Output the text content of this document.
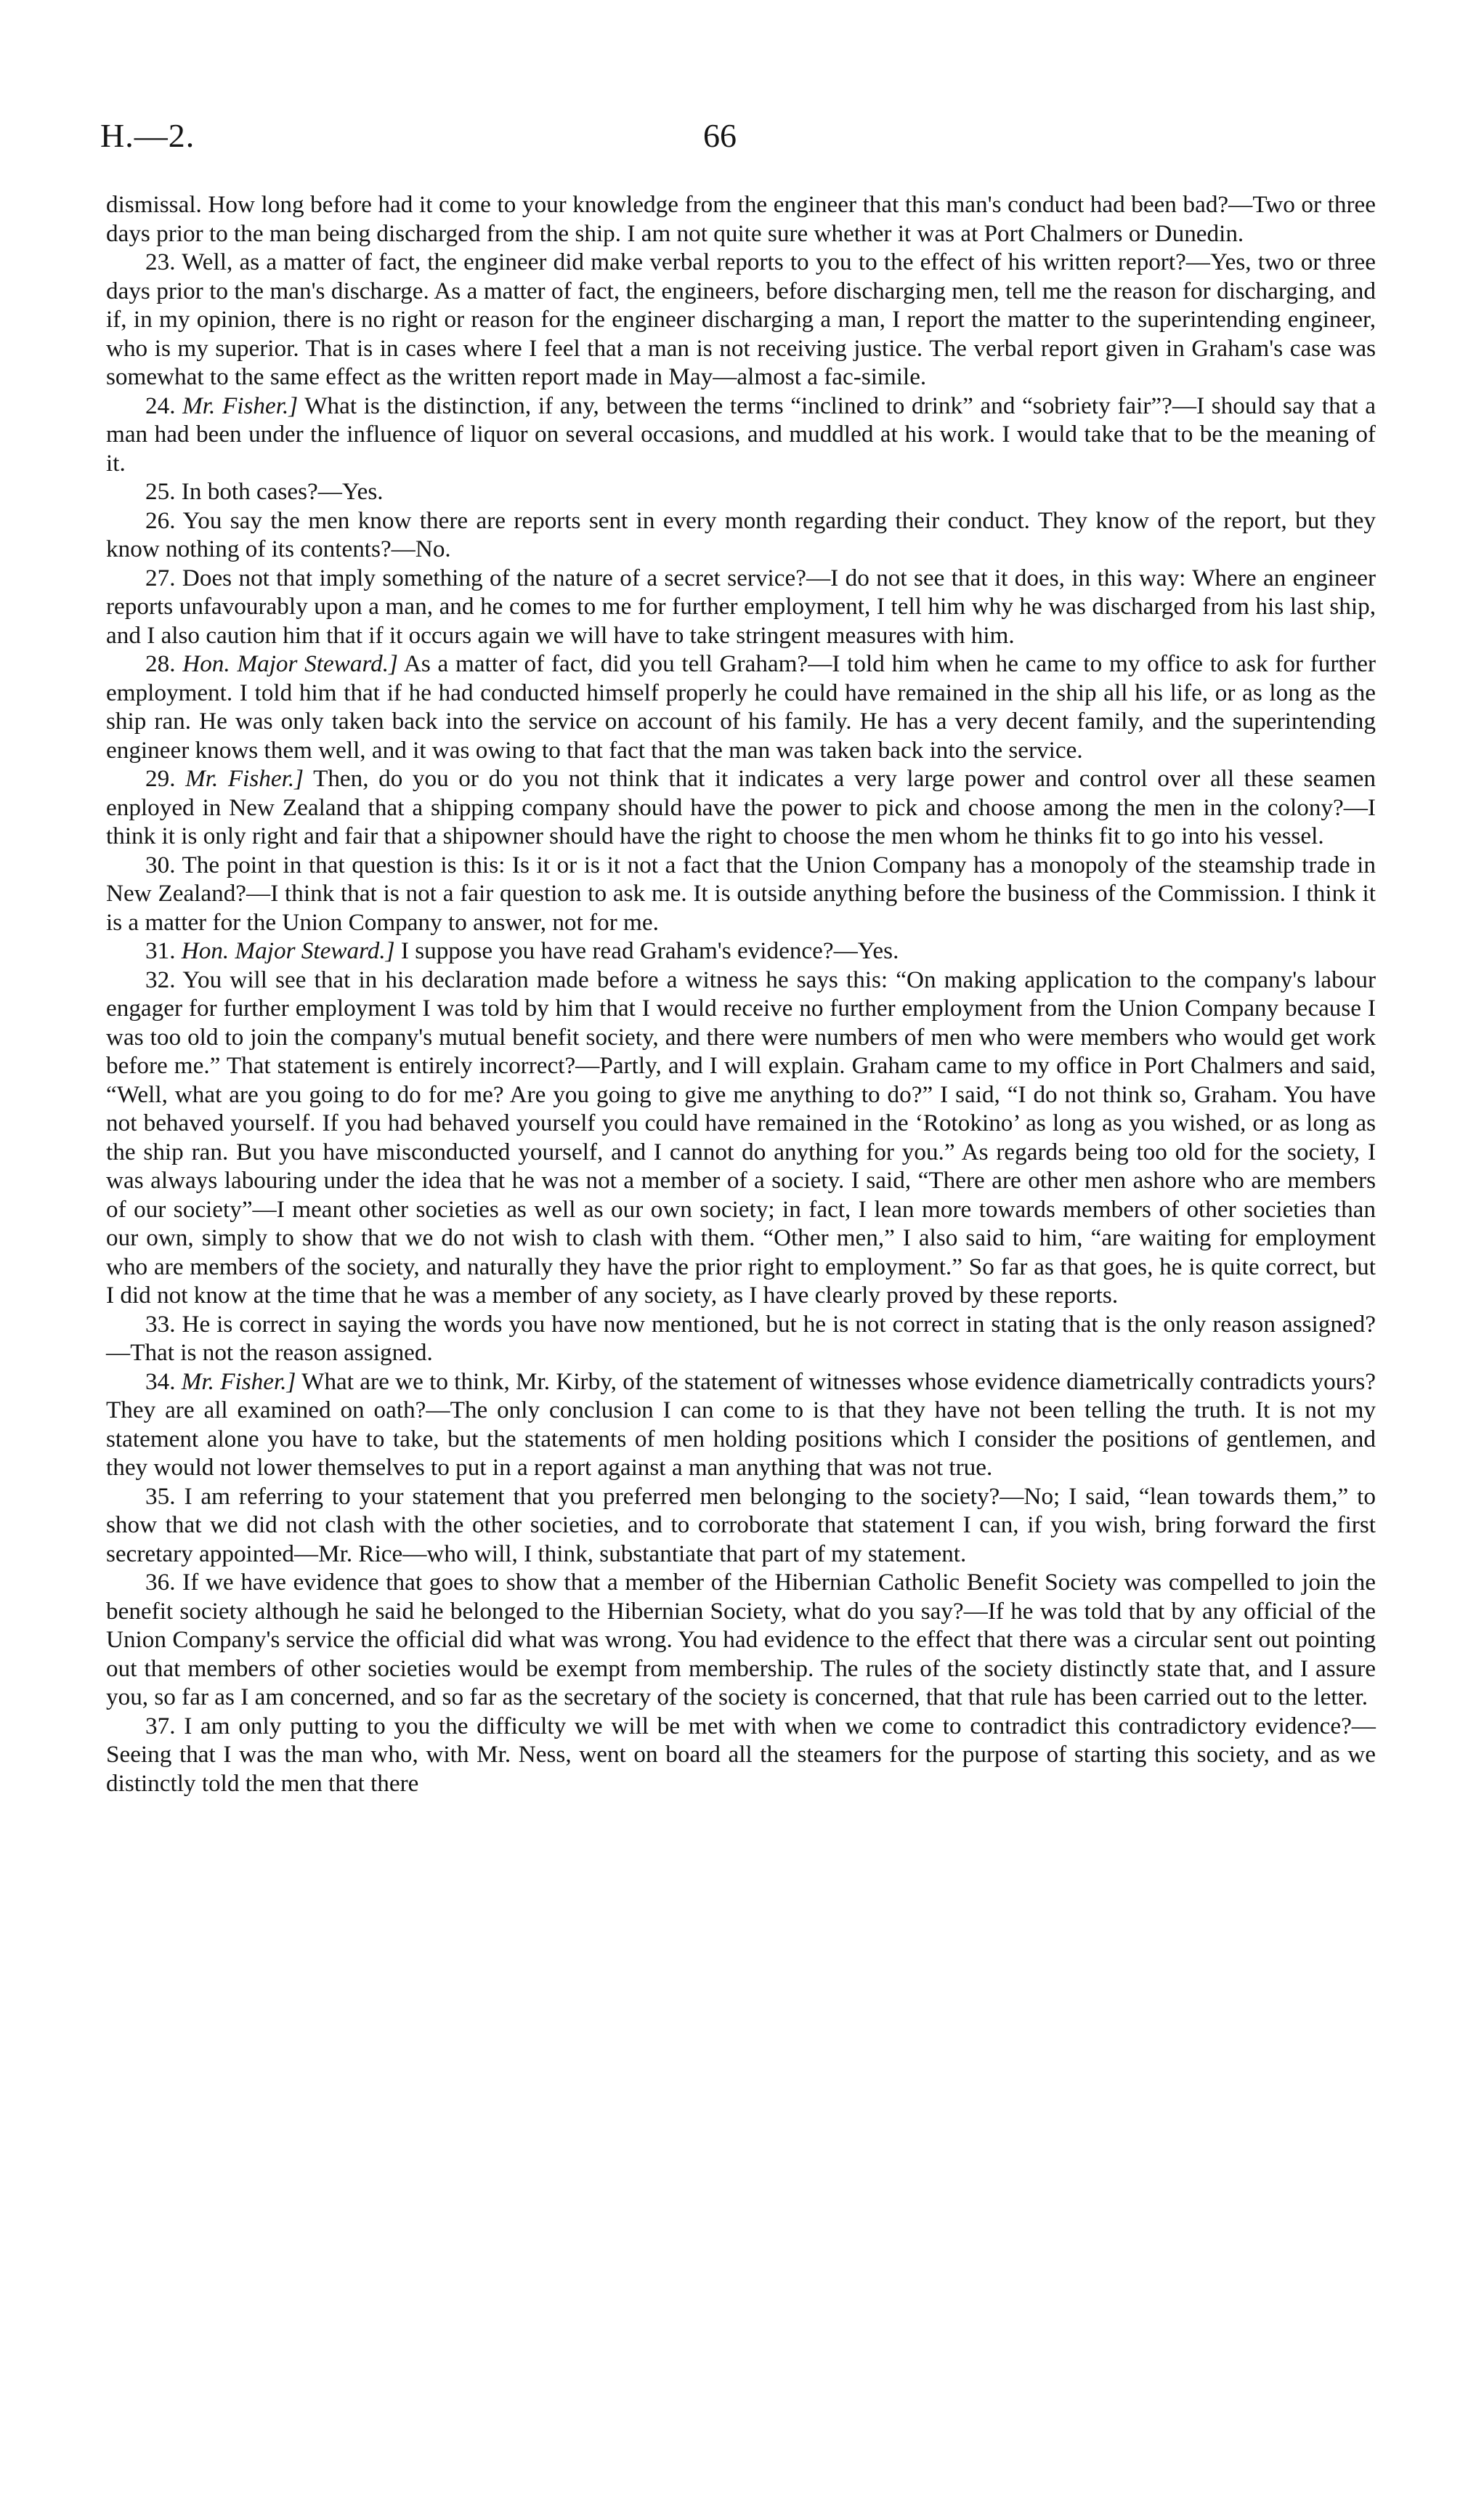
H.—2.	66

dismissal. How long before had it come to your knowledge from the engineer that this man's conduct had been bad?—Two or three days prior to the man being discharged from the ship. I am not quite sure whether it was at Port Chalmers or Dunedin.

23. Well, as a matter of fact, the engineer did make verbal reports to you to the effect of his written report?—Yes, two or three days prior to the man's discharge. As a matter of fact, the engineers, before discharging men, tell me the reason for discharging, and if, in my opinion, there is no right or reason for the engineer discharging a man, I report the matter to the superintending engineer, who is my superior. That is in cases where I feel that a man is not receiving justice. The verbal report given in Graham's case was somewhat to the same effect as the written report made in May—almost a fac-simile.

24. Mr. Fisher.] What is the distinction, if any, between the terms “inclined to drink” and “sobriety fair”?—I should say that a man had been under the influence of liquor on several occasions, and muddled at his work. I would take that to be the meaning of it.

25. In both cases?—Yes.

26. You say the men know there are reports sent in every month regarding their conduct. They know of the report, but they know nothing of its contents?—No.

27. Does not that imply something of the nature of a secret service?—I do not see that it does, in this way: Where an engineer reports unfavourably upon a man, and he comes to me for further employment, I tell him why he was discharged from his last ship, and I also caution him that if it occurs again we will have to take stringent measures with him.

28. Hon. Major Steward.] As a matter of fact, did you tell Graham?—I told him when he came to my office to ask for further employment. I told him that if he had conducted himself properly he could have remained in the ship all his life, or as long as the ship ran. He was only taken back into the service on account of his family. He has a very decent family, and the superintending engineer knows them well, and it was owing to that fact that the man was taken back into the service.

29. Mr. Fisher.] Then, do you or do you not think that it indicates a very large power and control over all these seamen enployed in New Zealand that a shipping company should have the power to pick and choose among the men in the colony?—I think it is only right and fair that a shipowner should have the right to choose the men whom he thinks fit to go into his vessel.

30. The point in that question is this: Is it or is it not a fact that the Union Company has a monopoly of the steamship trade in New Zealand?—I think that is not a fair question to ask me. It is outside anything before the business of the Commission. I think it is a matter for the Union Company to answer, not for me.

31. Hon. Major Steward.] I suppose you have read Graham's evidence?—Yes.

32. You will see that in his declaration made before a witness he says this: “On making application to the company's labour engager for further employment I was told by him that I would receive no further employment from the Union Company because I was too old to join the company's mutual benefit society, and there were numbers of men who were members who would get work before me.” That statement is entirely incorrect?—Partly, and I will explain. Graham came to my office in Port Chalmers and said, “Well, what are you going to do for me? Are you going to give me anything to do?” I said, “I do not think so, Graham. You have not behaved yourself. If you had behaved yourself you could have remained in the ‘Rotokino’ as long as you wished, or as long as the ship ran. But you have misconducted yourself, and I cannot do anything for you.” As regards being too old for the society, I was always labouring under the idea that he was not a member of a society. I said, “There are other men ashore who are members of our society”—I meant other societies as well as our own society; in fact, I lean more towards members of other societies than our own, simply to show that we do not wish to clash with them. “Other men,” I also said to him, “are waiting for employment who are members of the society, and naturally they have the prior right to employment.” So far as that goes, he is quite correct, but I did not know at the time that he was a member of any society, as I have clearly proved by these reports.

33. He is correct in saying the words you have now mentioned, but he is not correct in stating that is the only reason assigned?—That is not the reason assigned.

34. Mr. Fisher.] What are we to think, Mr. Kirby, of the statement of witnesses whose evidence diametrically contradicts yours? They are all examined on oath?—The only conclusion I can come to is that they have not been telling the truth. It is not my statement alone you have to take, but the statements of men holding positions which I consider the positions of gentlemen, and they would not lower themselves to put in a report against a man anything that was not true.

35. I am referring to your statement that you preferred men belonging to the society?—No; I said, “lean towards them,” to show that we did not clash with the other societies, and to corroborate that statement I can, if you wish, bring forward the first secretary appointed—Mr. Rice—who will, I think, substantiate that part of my statement.

36. If we have evidence that goes to show that a member of the Hibernian Catholic Benefit Society was compelled to join the benefit society although he said he belonged to the Hibernian Society, what do you say?—If he was told that by any official of the Union Company's service the official did what was wrong. You had evidence to the effect that there was a circular sent out pointing out that members of other societies would be exempt from membership. The rules of the society distinctly state that, and I assure you, so far as I am concerned, and so far as the secretary of the society is concerned, that that rule has been carried out to the letter.

37. I am only putting to you the difficulty we will be met with when we come to contradict this contradictory evidence?—Seeing that I was the man who, with Mr. Ness, went on board all the steamers for the purpose of starting this society, and as we distinctly told the men that there
